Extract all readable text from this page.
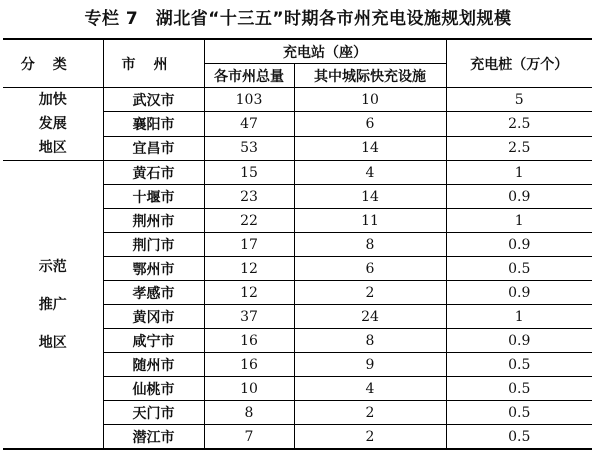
专栏 7　湖北省“十三五”时期各市州充电设施规划规模
分类	市州	充电站（座）		充电桩（万个）
		各市州总量	其中城际快充设施	

加快
发展
地区	武汉市	103	10	5
	襄阳市	47	6	2.5
	宜昌市	53	14	2.5

示范
推广
地区	黄石市	15	4	1
	十堰市	23	14	0.9
	荆州市	22	11	1
	荆门市	17	8	0.9
	鄂州市	12	6	0.5
	孝感市	12	2	0.9
	黄冈市	37	24	1
	咸宁市	16	8	0.9
	随州市	16	9	0.5
	仙桃市	10	4	0.5
	天门市	8	2	0.5
	潜江市	7	2	0.5
